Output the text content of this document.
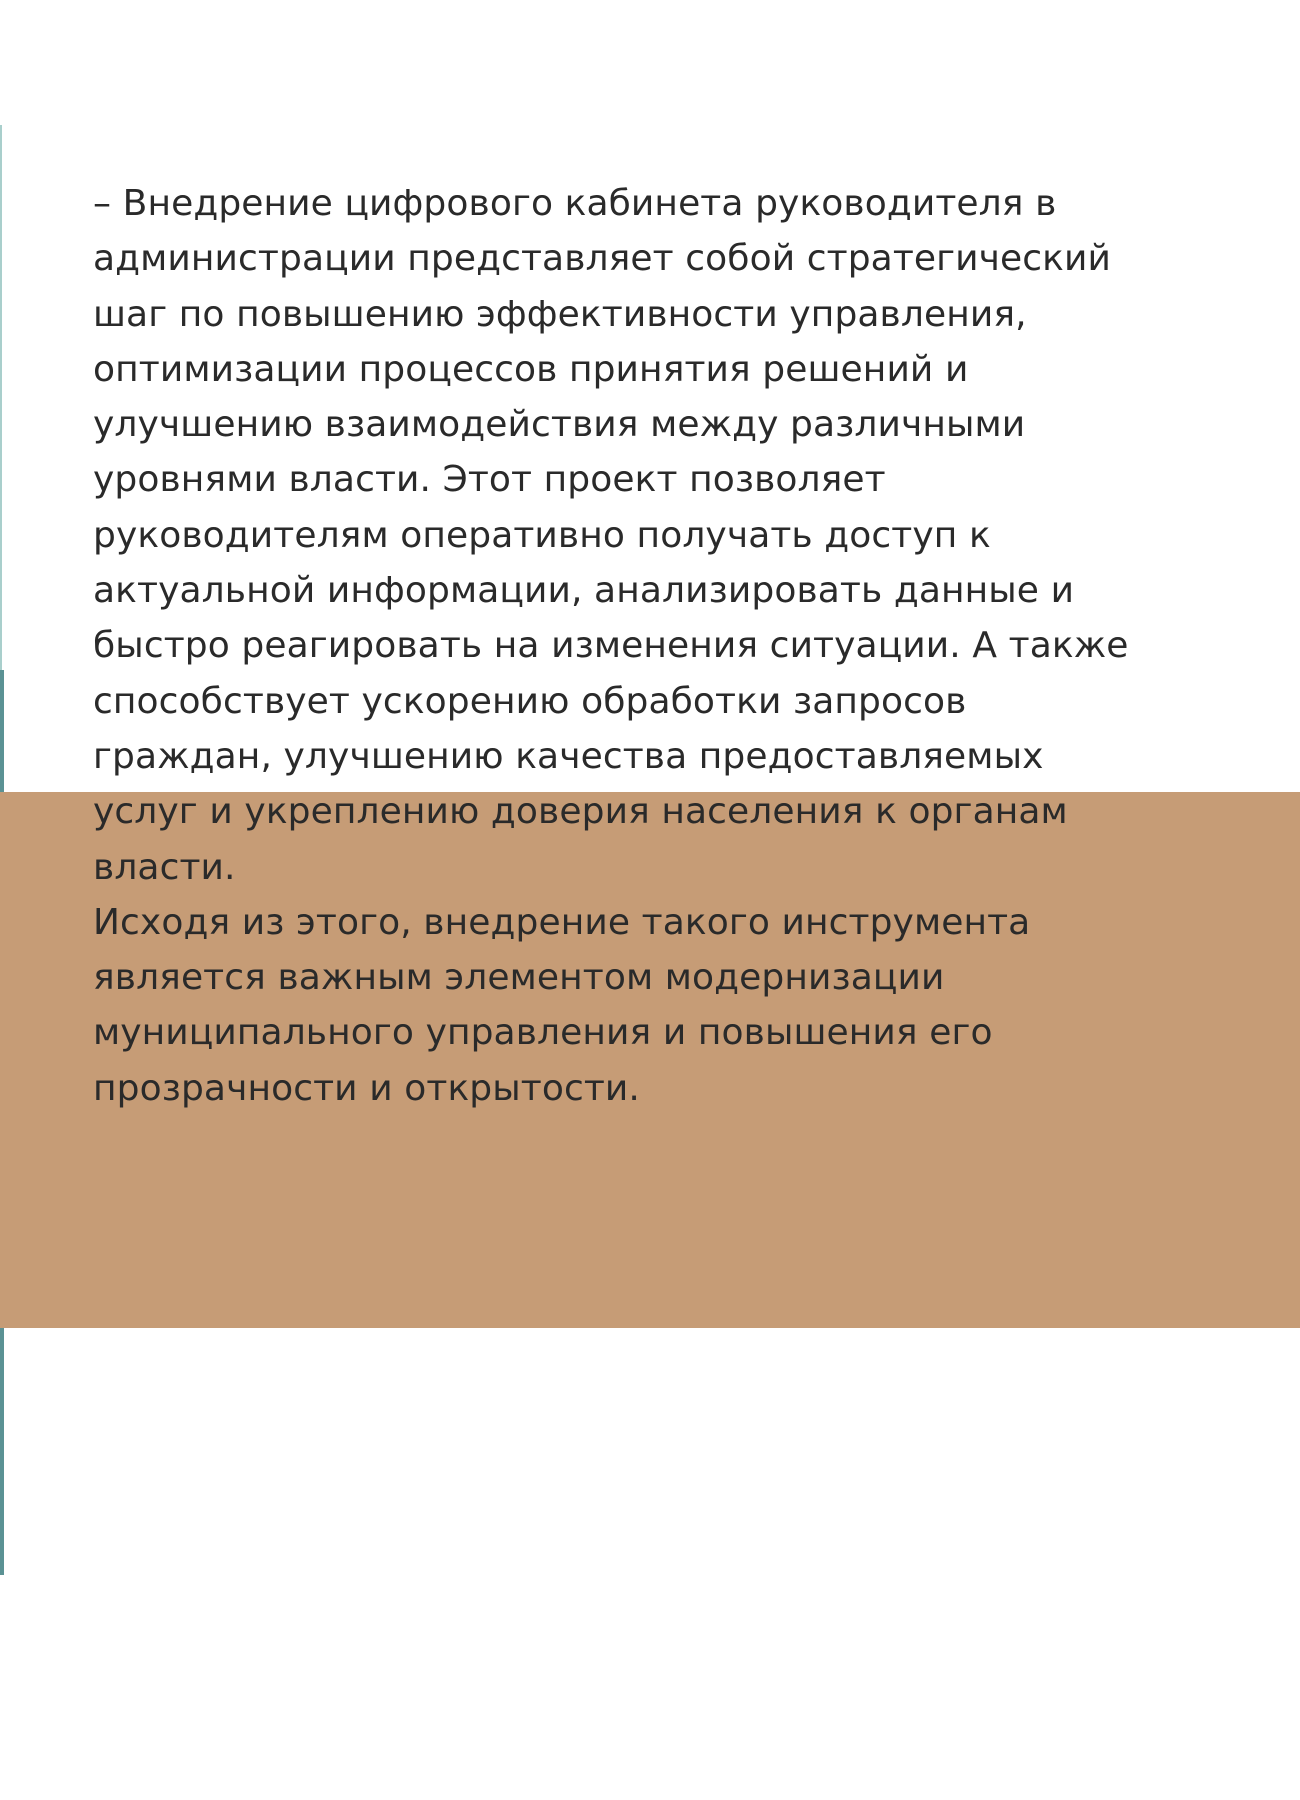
– Внедрение цифрового кабинета руководителя в
администрации представляет собой стратегический
шаг по повышению эффективности управления,
оптимизации процессов принятия решений и
улучшению взаимодействия между различными
уровнями власти. Этот проект позволяет
руководителям оперативно получать доступ к
актуальной информации, анализировать данные и
быстро реагировать на изменения ситуации. А также
способствует ускорению обработки запросов
граждан, улучшению качества предоставляемых
услуг и укреплению доверия населения к органам
власти.
Исходя из этого, внедрение такого инструмента
является важным элементом модернизации
муниципального управления и повышения его
прозрачности и открытости.
